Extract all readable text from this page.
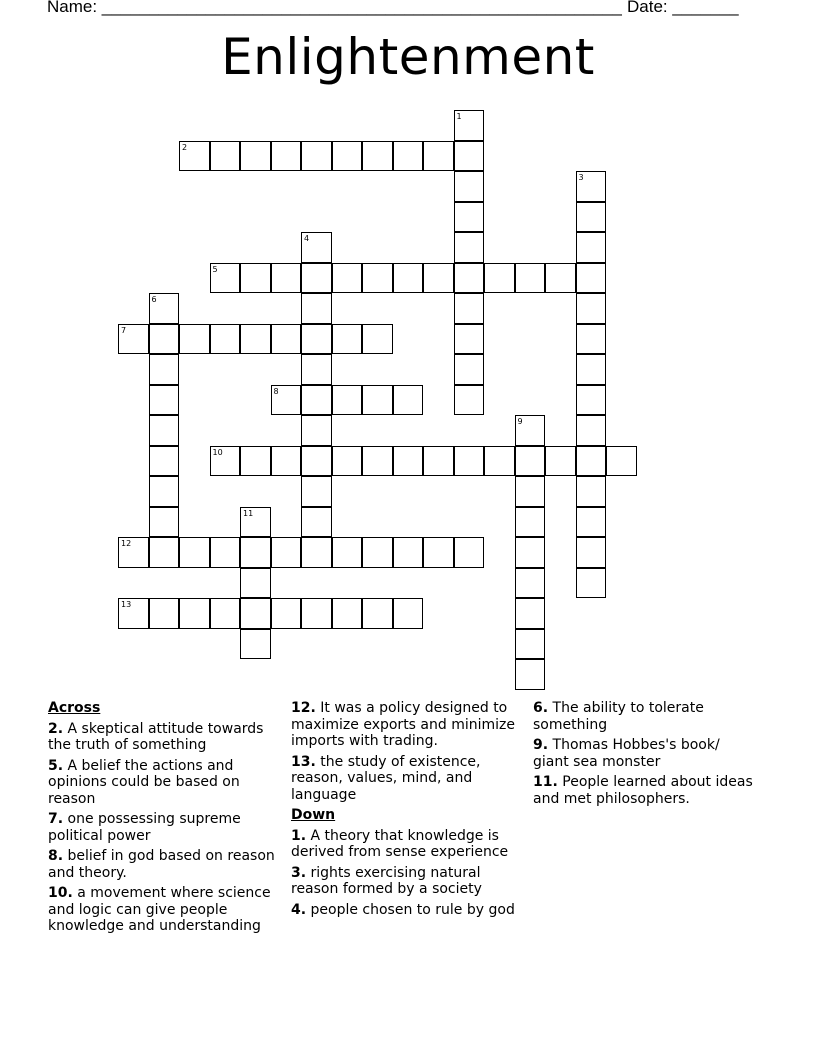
Name: _______________________________________________________ Date: _______
Enlightenment
1
2
3
4
5
6
7
8
9
10
11
12
13
Across
2. A skeptical attitude towards the truth of something
5. A belief the actions and opinions could be based on reason
7. one possessing supreme political power
8. belief in god based on reason and theory.
10. a movement where science and logic can give people knowledge and understanding
12. It was a policy designed to maximize exports and minimize imports with trading.
13. the study of existence, reason, values, mind, and language
Down
1. A theory that knowledge is derived from sense experience
3. rights exercising natural reason formed by a society
4. people chosen to rule by god
6. The ability to tolerate something
9. Thomas Hobbes's book/ giant sea monster
11. People learned about ideas and met philosophers.
